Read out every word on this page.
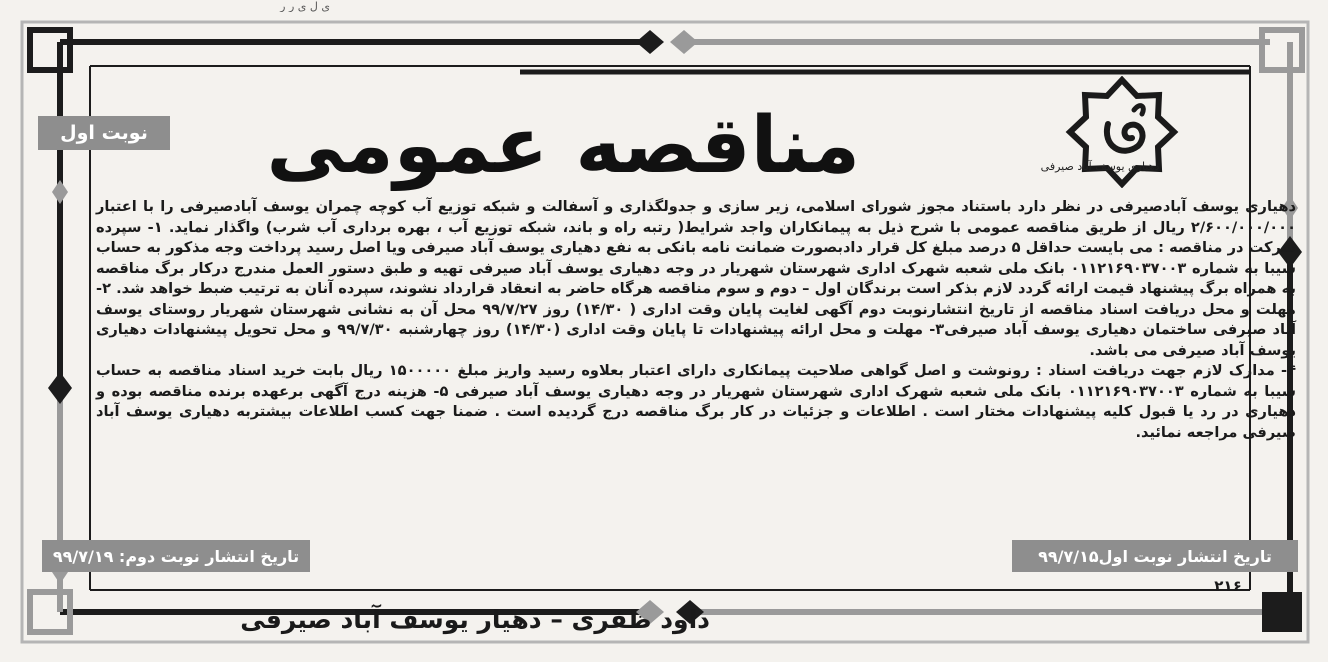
ی ل ی ر ر
دهیاری یوسف آباد صیرفی
مناقصه عمومی
نوبت اول

دهیاری یوسف آبادصیرفی در نظر دارد باستناد مجوز شورای اسلامی، زیر سازی و جدولگذاری و آسفالت و شبکه توزیع آب کوچه چمران یوسف آبادصیرفی را با اعتبار ۲/۶۰۰/۰۰۰/۰۰۰ ریال از طریق مناقصه عمومی با شرح ذیل به پیمانکاران واجد شرایط( رتبه راه و باند، شبکه توزیع آب ، بهره برداری آب شرب) واگذار نماید. ۱- سپرده شرکت در مناقصه : می بایست حداقل ۵ درصد مبلغ کل قرار دادبصورت ضمانت نامه بانکی به نفع دهیاری یوسف آباد صیرفی ویا اصل رسید پرداخت وجه مذکور به حساب سیبا به شماره ۰۱۱۲۱۶۹۰۳۷۰۰۳ بانک ملی شعبه شهرک اداری شهرستان شهریار در وجه دهیاری یوسف آباد صیرفی تهیه و طبق دستور العمل مندرج درکار برگ مناقصه به همراه برگ پیشنهاد قیمت ارائه گردد لازم بذکر است برندگان اول – دوم و سوم مناقصه هرگاه حاضر به انعقاد قرارداد نشوند، سپرده آنان به ترتیب ضبط خواهد شد. ۲- مهلت و محل دریافت اسناد مناقصه از تاریخ انتشارنوبت دوم آگهی لغایت پایان وقت اداری ( ۱۴/۳۰) روز ۹۹/۷/۲۷ محل آن به نشانی شهرستان شهریار روستای یوسف آباد صیرفی ساختمان دهیاری یوسف آباد صیرفی۳- مهلت و محل ارائه پیشنهادات تا پایان وقت اداری (۱۴/۳۰) روز چهارشنبه ۹۹/۷/۳۰ و محل تحویل پیشنهادات دهیاری یوسف آباد صیرفی می باشد.

۴- مدارک لازم جهت دریافت اسناد : رونوشت و اصل گواهی صلاحیت پیمانکاری دارای اعتبار بعلاوه رسید واریز مبلغ ۱۵۰۰۰۰۰ ریال بابت خرید اسناد مناقصه به حساب سیبا به شماره ۰۱۱۲۱۶۹۰۳۷۰۰۳ بانک ملی شعبه شهرک اداری شهرستان شهریار در وجه دهیاری یوسف آباد صیرفی ۵- هزینه درج آگهی برعهده برنده مناقصه بوده و دهیاری در رد یا قبول کلیه پیشنهادات مختار است . اطلاعات و جزئیات در کار برگ مناقصه درج گردیده است . ضمنا جهت کسب اطلاعات بیشتربه دهیاری یوسف آباد صیرفی مراجعه نمائید.

تاریخ انتشار نوبت اول۹۹/۷/۱۵
تاریخ انتشار نوبت دوم: ۹۹/۷/۱۹
۲۱۶
داود ظفری – دهیار یوسف آباد صیرفی
